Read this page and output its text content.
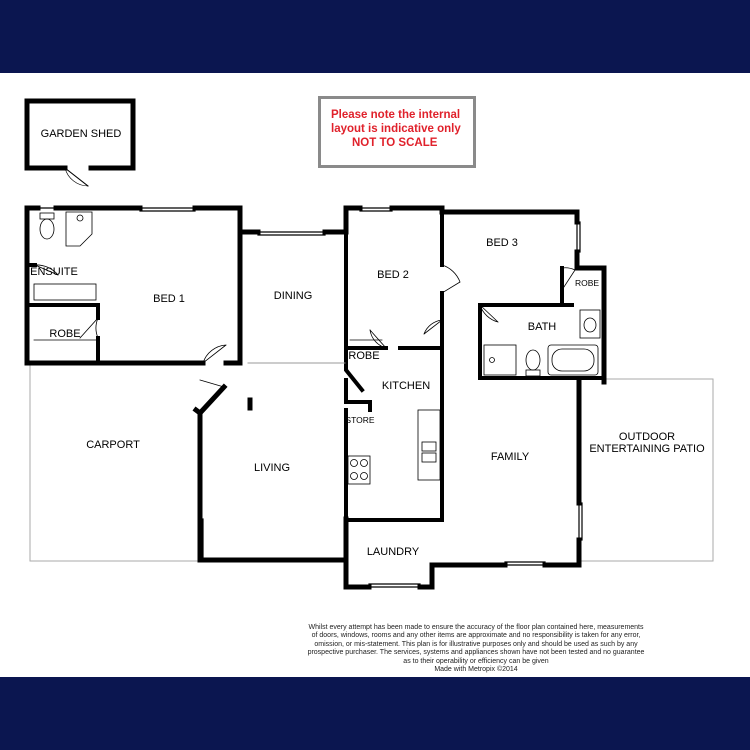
Please note the internal
layout is indicative only
NOT TO SCALE
GARDEN SHED
ENSUITE
BED 1
ROBE
DINING
BED 2
ROBE
BED 3
ROBE
BATH
KITCHEN
STORE
CARPORT
LIVING
FAMILY
LAUNDRY
OUTDOOR
ENTERTAINING PATIO
Whilst every attempt has been made to ensure the accuracy of the floor plan contained here, measurements
of doors, windows, rooms and any other items are approximate and no responsibility is taken for any error,
omission, or mis-statement. This plan is for illustrative purposes only and should be used as such by any
prospective purchaser. The services, systems and appliances shown have not been tested and no guarantee
as to their operability or efficiency can be given
Made with Metropix ©2014
